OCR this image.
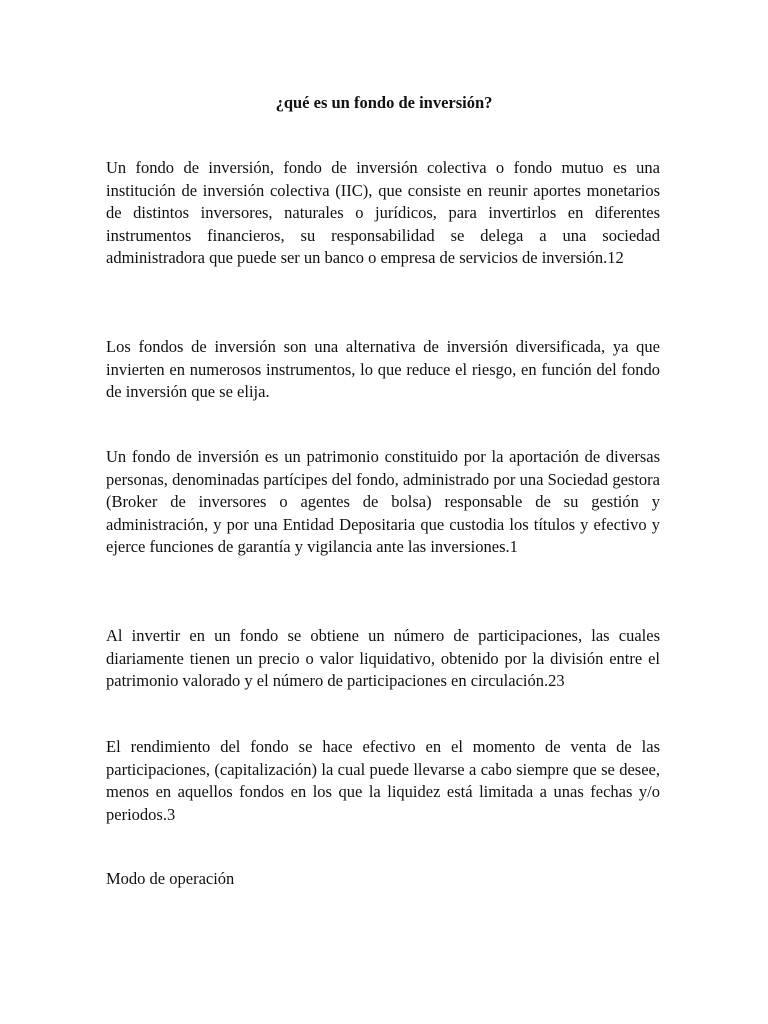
¿qué es un fondo de inversión?

Un fondo de inversión, fondo de inversión colectiva o fondo mutuo es una institución de inversión colectiva (IIC), que consiste en reunir aportes monetarios de distintos inversores, naturales o jurídicos, para invertirlos en diferentes instrumentos financieros, su responsabilidad se delega a una sociedad administradora que puede ser un banco o empresa de servicios de inversión.12

Los fondos de inversión son una alternativa de inversión diversificada, ya que invierten en numerosos instrumentos, lo que reduce el riesgo, en función del fondo de inversión que se elija.

Un fondo de inversión es un patrimonio constituido por la aportación de diversas personas, denominadas partícipes del fondo, administrado por una Sociedad gestora (Broker de inversores o agentes de bolsa) responsable de su gestión y administración, y por una Entidad Depositaria que custodia los títulos y efectivo y ejerce funciones de garantía y vigilancia ante las inversiones.1

Al invertir en un fondo se obtiene un número de participaciones, las cuales diariamente tienen un precio o valor liquidativo, obtenido por la división entre el patrimonio valorado y el número de participaciones en circulación.23

El rendimiento del fondo se hace efectivo en el momento de venta de las participaciones, (capitalización) la cual puede llevarse a cabo siempre que se desee, menos en aquellos fondos en los que la liquidez está limitada a unas fechas y/o periodos.3

Modo de operación
